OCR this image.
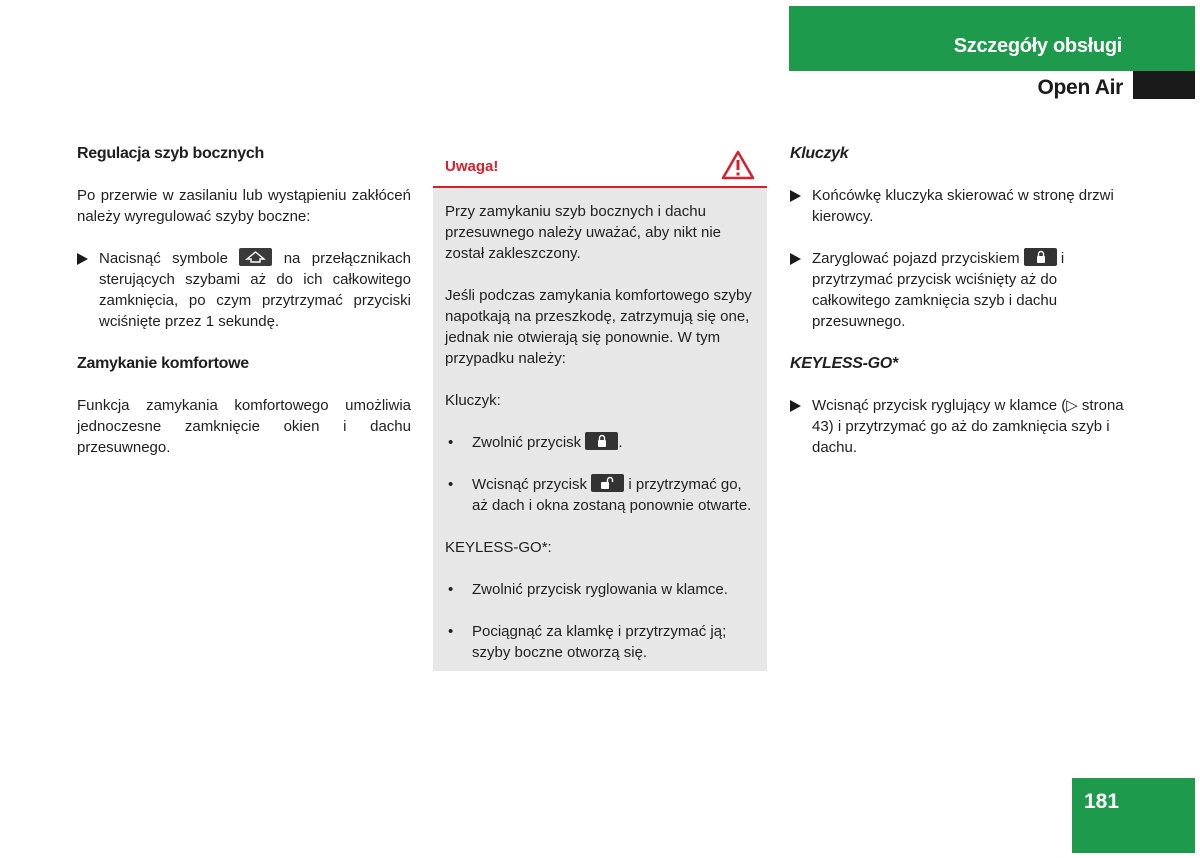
Szczegóły obsługi
Open Air

Regulacja szyb bocznych

Po przerwie w zasilaniu lub wystąpieniu zakłóceń należy wyregulować szyby boczne:

Nacisnąć symbole	na przełącznikach sterujących szybami aż do ich całkowitego zamknięcia, po czym przytrzymać przyciski wciśnięte przez 1 sekundę.

Zamykanie komfortowe

Funkcja zamykania komfortowego umożliwia jednoczesne zamknięcie okien i dachu przesuwnego.

Uwaga!

Przy zamykaniu szyb bocznych i dachu przesuwnego należy uważać, aby nikt nie został zakleszczony.

Jeśli podczas zamykania komfortowego szyby napotkają na przeszkodę, zatrzymują się one, jednak nie otwierają się ponownie. W tym przypadku należy:

Kluczyk:

• Zwolnić przycisk .

• Wcisnąć przycisk	i przytrzymać go, aż dach i okna zostaną ponownie otwarte.

KEYLESS-GO*:

• Zwolnić przycisk ryglowania w klamce.

• Pociągnąć za klamkę i przytrzymać ją; szyby boczne otworzą się.

Kluczyk

Końcówkę kluczyka skierować w stronę drzwi kierowcy.

Zaryglować pojazd przyciskiem	i przytrzymać przycisk wciśnięty aż do całkowitego zamknięcia szyb i dachu przesuwnego.

KEYLESS-GO*

Wcisnąć przycisk ryglujący w klamce (▷ strona 43) i przytrzymać go aż do zamknięcia szyb i dachu.

181
